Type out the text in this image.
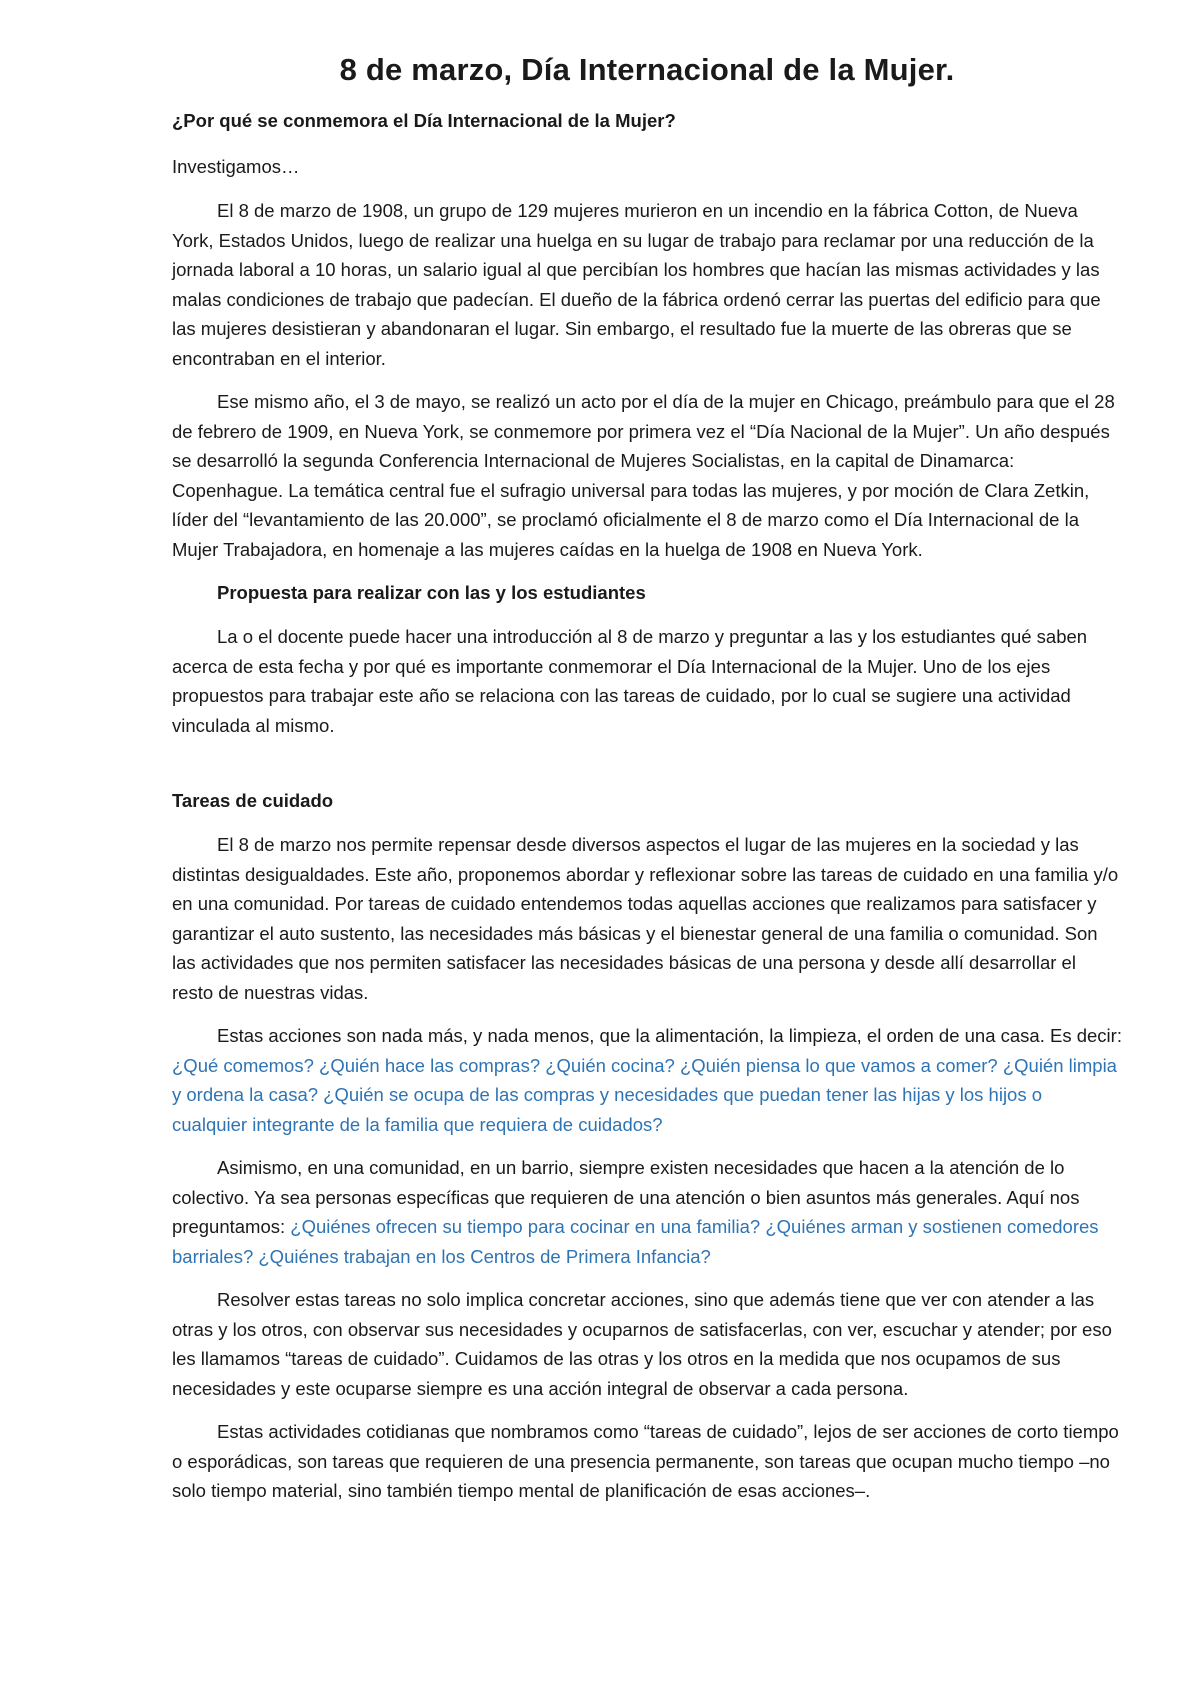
8 de marzo, Día Internacional de la Mujer.
¿Por qué se conmemora el Día Internacional de la Mujer?
Investigamos…

El 8 de marzo de 1908, un grupo de 129 mujeres murieron en un incendio en la fábrica Cotton, de Nueva York, Estados Unidos, luego de realizar una huelga en su lugar de trabajo para reclamar por una reducción de la jornada laboral a 10 horas, un salario igual al que percibían los hombres que hacían las mismas actividades y las malas condiciones de trabajo que padecían. El dueño de la fábrica ordenó cerrar las puertas del edificio para que las mujeres desistieran y abandonaran el lugar. Sin embargo, el resultado fue la muerte de las obreras que se encontraban en el interior.

Ese mismo año, el 3 de mayo, se realizó un acto por el día de la mujer en Chicago, preámbulo para que el 28 de febrero de 1909, en Nueva York, se conmemore por primera vez el “Día Nacional de la Mujer”. Un año después se desarrolló la segunda Conferencia Internacional de Mujeres Socialistas, en la capital de Dinamarca: Copenhague. La temática central fue el sufragio universal para todas las mujeres, y por moción de Clara Zetkin, líder del “levantamiento de las 20.000”, se proclamó oficialmente el 8 de marzo como el Día Internacional de la Mujer Trabajadora, en homenaje a las mujeres caídas en la huelga de 1908 en Nueva York.

Propuesta para realizar con las y los estudiantes

La o el docente puede hacer una introducción al 8 de marzo y preguntar a las y los estudiantes qué saben acerca de esta fecha y por qué es importante conmemorar el Día Internacional de la Mujer. Uno de los ejes propuestos para trabajar este año se relaciona con las tareas de cuidado, por lo cual se sugiere una actividad vinculada al mismo.

Tareas de cuidado

El 8 de marzo nos permite repensar desde diversos aspectos el lugar de las mujeres en la sociedad y las distintas desigualdades. Este año, proponemos abordar y reflexionar sobre las tareas de cuidado en una familia y/o en una comunidad. Por tareas de cuidado entendemos todas aquellas acciones que realizamos para satisfacer y garantizar el auto sustento, las necesidades más básicas y el bienestar general de una familia o comunidad. Son las actividades que nos permiten satisfacer las necesidades básicas de una persona y desde allí desarrollar el resto de nuestras vidas.

Estas acciones son nada más, y nada menos, que la alimentación, la limpieza, el orden de una casa. Es decir: ¿Qué comemos? ¿Quién hace las compras? ¿Quién cocina? ¿Quién piensa lo que vamos a comer? ¿Quién limpia y ordena la casa? ¿Quién se ocupa de las compras y necesidades que puedan tener las hijas y los hijos o cualquier integrante de la familia que requiera de cuidados?

Asimismo, en una comunidad, en un barrio, siempre existen necesidades que hacen a la atención de lo colectivo. Ya sea personas específicas que requieren de una atención o bien asuntos más generales. Aquí nos preguntamos: ¿Quiénes ofrecen su tiempo para cocinar en una familia? ¿Quiénes arman y sostienen comedores barriales? ¿Quiénes trabajan en los Centros de Primera Infancia?

Resolver estas tareas no solo implica concretar acciones, sino que además tiene que ver con atender a las otras y los otros, con observar sus necesidades y ocuparnos de satisfacerlas, con ver, escuchar y atender; por eso les llamamos “tareas de cuidado”. Cuidamos de las otras y los otros en la medida que nos ocupamos de sus necesidades y este ocuparse siempre es una acción integral de observar a cada persona.

Estas actividades cotidianas que nombramos como “tareas de cuidado”, lejos de ser acciones de corto tiempo o esporádicas, son tareas que requieren de una presencia permanente, son tareas que ocupan mucho tiempo –no solo tiempo material, sino también tiempo mental de planificación de esas acciones–.
